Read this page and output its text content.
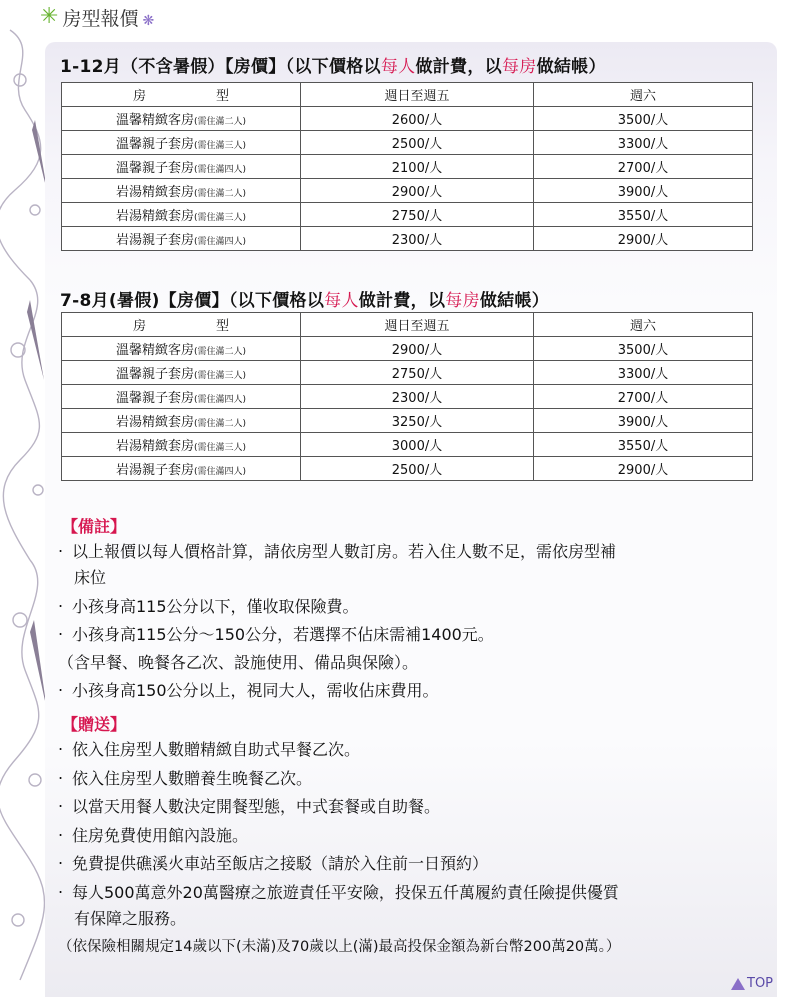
✳ 房型報價 ❋
1-12月（不含暑假）【房價】（以下價格以每人做計費，以每房做結帳）
房 型	週日至週五	週六
溫馨精緻客房(需住滿二人)	2600/人	3500/人
溫馨親子套房(需住滿三人)	2500/人	3300/人
溫馨親子套房(需住滿四人)	2100/人	2700/人
岩湯精緻套房(需住滿二人)	2900/人	3900/人
岩湯精緻套房(需住滿三人)	2750/人	3550/人
岩湯親子套房(需住滿四人)	2300/人	2900/人
7-8月(暑假)【房價】（以下價格以每人做計費，以每房做結帳）
房 型	週日至週五	週六
溫馨精緻客房(需住滿二人)	2900/人	3500/人
溫馨親子套房(需住滿三人)	2750/人	3300/人
溫馨親子套房(需住滿四人)	2300/人	2700/人
岩湯精緻套房(需住滿二人)	3250/人	3900/人
岩湯精緻套房(需住滿三人)	3000/人	3550/人
岩湯親子套房(需住滿四人)	2500/人	2900/人
【備註】
‧ 以上報價以每人價格計算，請依房型人數訂房。若入住人數不足，需依房型補
床位
‧ 小孩身高115公分以下，僅收取保險費。
‧ 小孩身高115公分～150公分，若選擇不佔床需補1400元。
（含早餐、晚餐各乙次、設施使用、備品與保險）。
‧ 小孩身高150公分以上，視同大人，需收佔床費用。
【贈送】
‧ 依入住房型人數贈精緻自助式早餐乙次。
‧ 依入住房型人數贈養生晚餐乙次。
‧ 以當天用餐人數決定開餐型態，中式套餐或自助餐。
‧ 住房免費使用館內設施。
‧ 免費提供礁溪火車站至飯店之接駁（請於入住前一日預約）
‧ 每人500萬意外20萬醫療之旅遊責任平安險，投保五仟萬履約責任險提供優質
有保障之服務。
（依保險相關規定14歲以下(未滿)及70歲以上(滿)最高投保金額為新台幣200萬20萬。）
TOP
